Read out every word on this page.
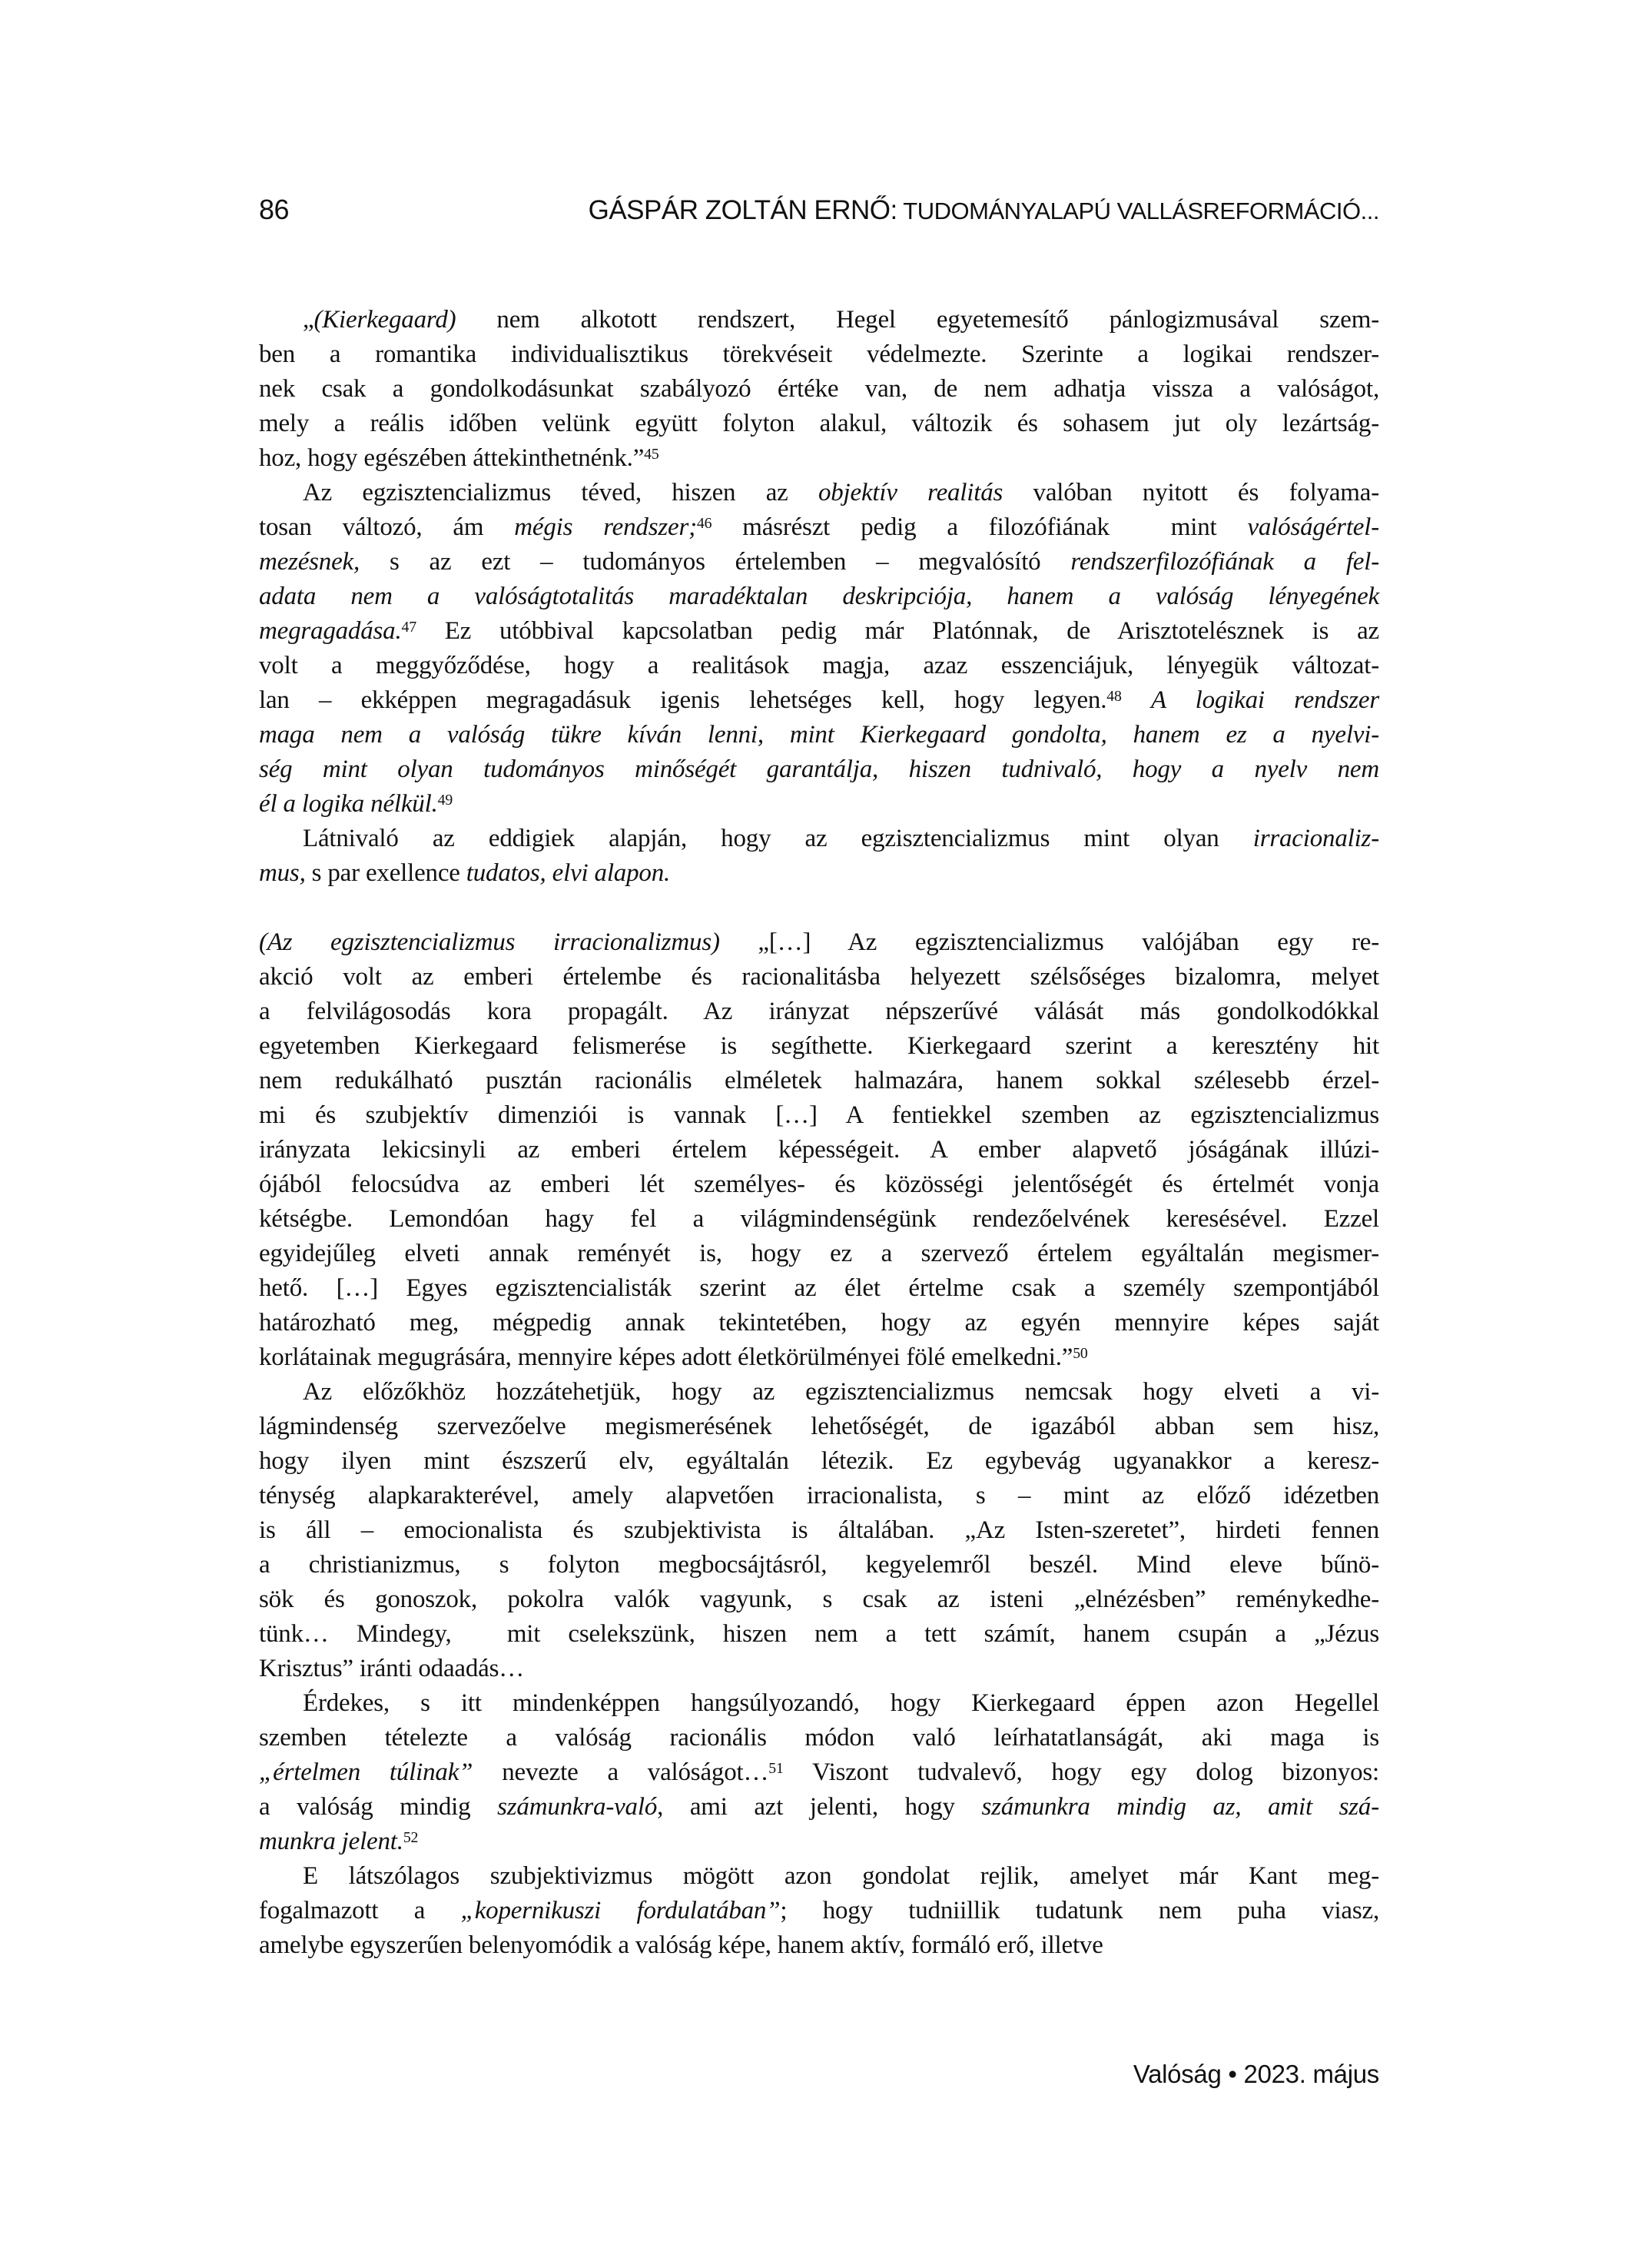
86	GÁSPÁR ZOLTÁN ERNŐ: TUDOMÁNYALAPÚ VALLÁSREFORMÁCIÓ...
„(Kierkegaard) nem alkotott rendszert, Hegel egyetemesítő pánlogizmusával szem-
ben a romantika individualisztikus törekvéseit védelmezte. Szerinte a logikai rendszer-
nek csak a gondolkodásunkat szabályozó értéke van, de nem adhatja vissza a valóságot,
mely a reális időben velünk együtt folyton alakul, változik és sohasem jut oly lezártság-
hoz, hogy egészében áttekinthetnénk.”$^{45}$
Az egzisztencializmus téved, hiszen az objektív realitás valóban nyitott és folyama-
tosan változó, ám mégis rendszer;$^{46}$ másrészt pedig a filozófiának  mint valóságértel-
mezésnek, s az ezt – tudományos értelemben – megvalósító rendszerfilozófiának a fel-
adata nem a valóságtotalitás maradéktalan deskripciója, hanem a valóság lényegének
megragadása.$^{47}$ Ez utóbbival kapcsolatban pedig már Platónnak, de Arisztotelésznek is az
volt a meggyőződése, hogy a realitások magja, azaz esszenciájuk, lényegük változat-
lan – ekképpen megragadásuk igenis lehetséges kell, hogy legyen.$^{48}$ A logikai rendszer
maga nem a valóság tükre kíván lenni, mint Kierkegaard gondolta, hanem ez a nyelvi-
ség mint olyan tudományos minőségét garantálja, hiszen tudnivaló, hogy a nyelv nem
él a logika nélkül.$^{49}$
Látnivaló az eddigiek alapján, hogy az egzisztencializmus mint olyan irracionaliz-
mus, s par exellence tudatos, elvi alapon.
(Az egzisztencializmus irracionalizmus) „[…] Az egzisztencializmus valójában egy re-
akció volt az emberi értelembe és racionalitásba helyezett szélsőséges bizalomra, melyet
a felvilágosodás kora propagált. Az irányzat népszerűvé válását más gondolkodókkal
egyetemben Kierkegaard felismerése is segíthette. Kierkegaard szerint a keresztény hit
nem redukálható pusztán racionális elméletek halmazára, hanem sokkal szélesebb érzel-
mi és szubjektív dimenziói is vannak […] A fentiekkel szemben az egzisztencializmus
irányzata lekicsinyli az emberi értelem képességeit. A ember alapvető jóságának illúzi-
ójából felocsúdva az emberi lét személyes- és közösségi jelentőségét és értelmét vonja
kétségbe. Lemondóan hagy fel a világmindenségünk rendezőelvének keresésével. Ezzel
egyidejűleg elveti annak reményét is, hogy ez a szervező értelem egyáltalán megismer-
hető. […] Egyes egzisztencialisták szerint az élet értelme csak a személy szempontjából
határozható meg, mégpedig annak tekintetében, hogy az egyén mennyire képes saját
korlátainak megugrására, mennyire képes adott életkörülményei fölé emelkedni.”$^{50}$
Az előzőkhöz hozzátehetjük, hogy az egzisztencializmus nemcsak hogy elveti a vi-
lágmindenség szervezőelve megismerésének lehetőségét, de igazából abban sem hisz,
hogy ilyen mint észszerű elv, egyáltalán létezik. Ez egybevág ugyanakkor a keresz-
ténység alapkarakterével, amely alapvetően irracionalista, s – mint az előző idézetben
is áll – emocionalista és szubjektivista is általában. „Az Isten-szeretet”, hirdeti fennen
a christianizmus, s folyton megbocsájtásról, kegyelemről beszél. Mind eleve bűnö-
sök és gonoszok, pokolra valók vagyunk, s csak az isteni „elnézésben” reménykedhe-
tünk… Mindegy,  mit cselekszünk, hiszen nem a tett számít, hanem csupán a „Jézus
Krisztus” iránti odaadás…
Érdekes, s itt mindenképpen hangsúlyozandó, hogy Kierkegaard éppen azon Hegellel
szemben tételezte a valóság racionális módon való leírhatatlanságát, aki maga is
„értelmen túlinak” nevezte a valóságot…$^{51}$ Viszont tudvalevő, hogy egy dolog bizonyos:
a valóság mindig számunkra-való, ami azt jelenti, hogy számunkra mindig az, amit szá-
munkra jelent.$^{52}$
E látszólagos szubjektivizmus mögött azon gondolat rejlik, amelyet már Kant meg-
fogalmazott a „kopernikuszi fordulatában”; hogy tudniillik tudatunk nem puha viasz,
amelybe egyszerűen belenyomódik a valóság képe, hanem aktív, formáló erő, illetve
Valóság • 2023. május
